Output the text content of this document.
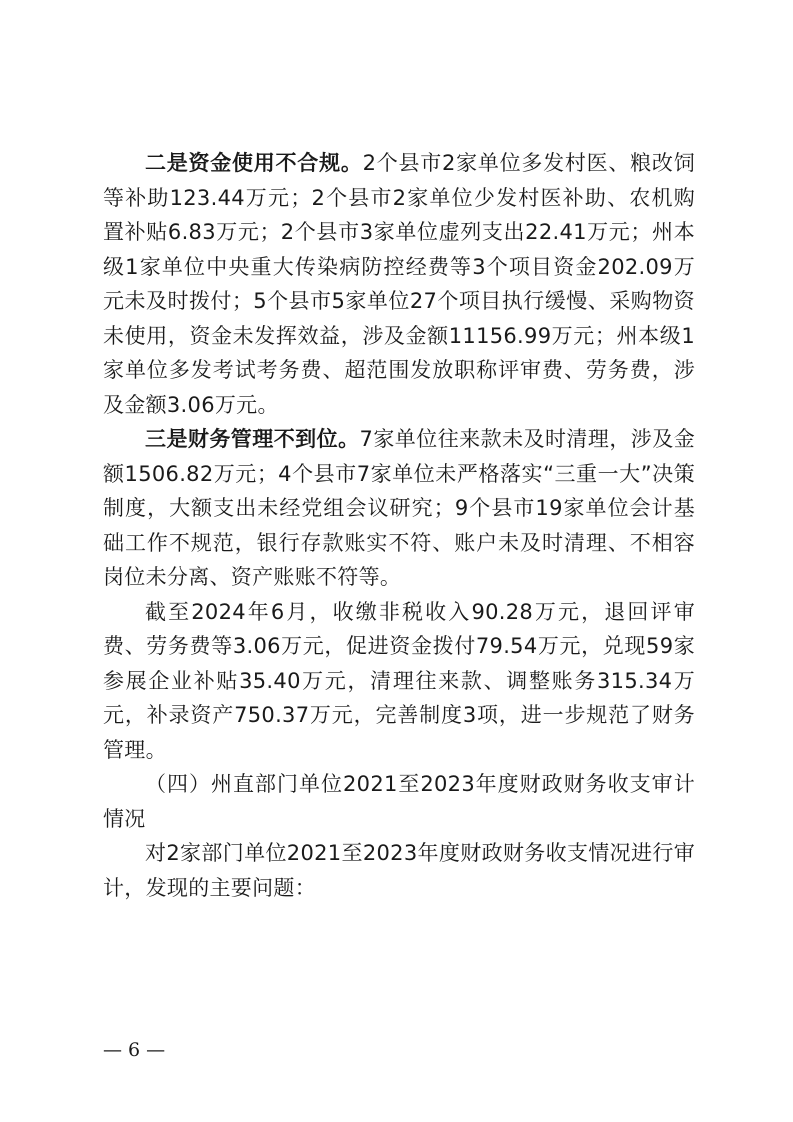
二是资金使用不合规。2个县市2家单位多发村医、粮改饲等补助123.44万元；2个县市2家单位少发村医补助、农机购置补贴6.83万元；2个县市3家单位虚列支出22.41万元；州本级1家单位中央重大传染病防控经费等3个项目资金202.09万元未及时拨付；5个县市5家单位27个项目执行缓慢、采购物资未使用，资金未发挥效益，涉及金额11156.99万元；州本级1家单位多发考试考务费、超范围发放职称评审费、劳务费，涉及金额3.06万元。

三是财务管理不到位。7家单位往来款未及时清理，涉及金额1506.82万元；4个县市7家单位未严格落实“三重一大”决策制度，大额支出未经党组会议研究；9个县市19家单位会计基础工作不规范，银行存款账实不符、账户未及时清理、不相容岗位未分离、资产账账不符等。

截至2024年6月，收缴非税收入90.28万元，退回评审费、劳务费等3.06万元，促进资金拨付79.54万元，兑现59家参展企业补贴35.40万元，清理往来款、调整账务315.34万元，补录资产750.37万元，完善制度3项，进一步规范了财务管理。

（四）州直部门单位2021至2023年度财政财务收支审计情况

对2家部门单位2021至2023年度财政财务收支情况进行审计，发现的主要问题：

— 6 —
